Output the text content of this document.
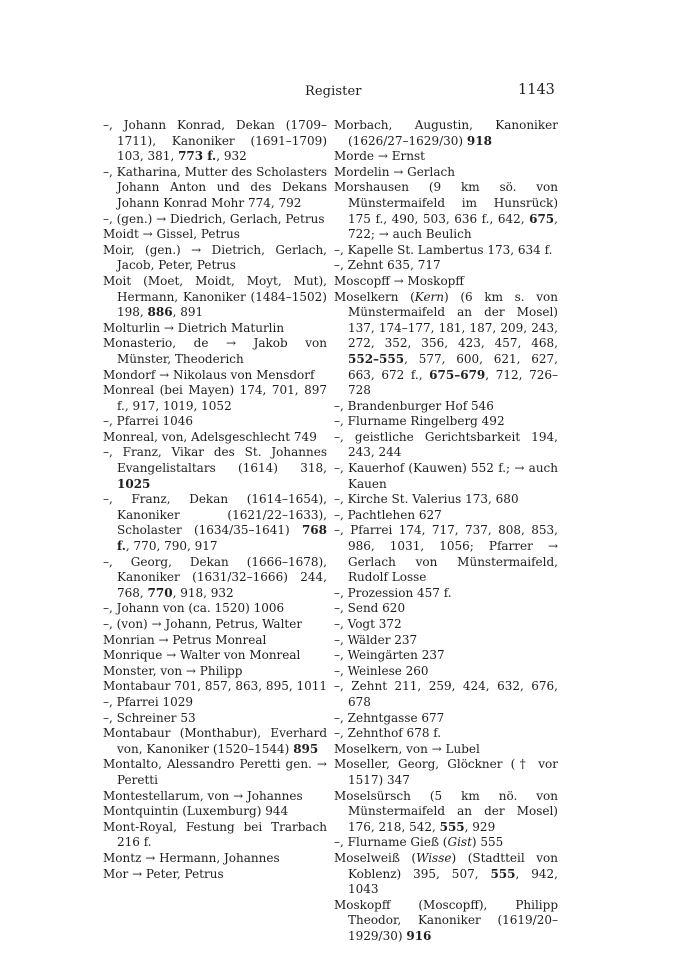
Register	1143

–, Johann Konrad, Dekan (1709–1711), Kanoniker (1691–1709) 103, 381, 773 f., 932

–, Katharina, Mutter des Scholasters Johann Anton und des Dekans Johann Konrad Mohr 774, 792

–, (gen.) → Diedrich, Gerlach, Petrus

Moidt → Gissel, Petrus

Moir, (gen.) → Dietrich, Gerlach, Jacob, Peter, Petrus

Moit (Moet, Moidt, Moyt, Mut), Hermann, Kanoniker (1484–1502) 198, 886, 891

Molturlin → Dietrich Maturlin

Monasterio, de → Jakob von Münster, Theoderich

Mondorf → Nikolaus von Mensdorf

Monreal (bei Mayen) 174, 701, 897 f., 917, 1019, 1052

–, Pfarrei 1046

Monreal, von, Adelsgeschlecht 749

–, Franz, Vikar des St. Johannes Evangelistaltars (1614) 318, 1025

–, Franz, Dekan (1614–1654), Kanoniker (1621/22–1633), Scholaster (1634/35–1641) 768 f., 770, 790, 917

–, Georg, Dekan (1666–1678), Kanoniker (1631/32–1666) 244, 768, 770, 918, 932

–, Johann von (ca. 1520) 1006

–, (von) → Johann, Petrus, Walter

Monrian → Petrus Monreal

Monrique → Walter von Monreal

Monster, von → Philipp

Montabaur 701, 857, 863, 895, 1011

–, Pfarrei 1029

–, Schreiner 53

Montabaur (Monthabur), Everhard von, Kanoniker (1520–1544) 895

Montalto, Alessandro Peretti gen. → Peretti

Montestellarum, von → Johannes

Montquintin (Luxemburg) 944

Mont-Royal, Festung bei Trarbach 216 f.

Montz → Hermann, Johannes

Mor → Peter, Petrus

Morbach, Augustin, Kanoniker (1626/27–1629/30) 918

Morde → Ernst

Mordelin → Gerlach

Morshausen (9 km sö. von Münstermaifeld im Hunsrück) 175 f., 490, 503, 636 f., 642, 675, 722; → auch Beulich

–, Kapelle St. Lambertus 173, 634 f.

–, Zehnt 635, 717

Moscopff → Moskopff

Moselkern (Kern) (6 km s. von Münstermaifeld an der Mosel) 137, 174–177, 181, 187, 209, 243, 272, 352, 356, 423, 457, 468, 552–555, 577, 600, 621, 627, 663, 672 f., 675–679, 712, 726–728

–, Brandenburger Hof 546

–, Flurname Ringelberg 492

–, geistliche Gerichtsbarkeit 194, 243, 244

–, Kauerhof (Kauwen) 552 f.; → auch Kauen

–, Kirche St. Valerius 173, 680

–, Pachtlehen 627

–, Pfarrei 174, 717, 737, 808, 853, 986, 1031, 1056; Pfarrer → Gerlach von Münstermaifeld, Rudolf Losse

–, Prozession 457 f.

–, Send 620

–, Vogt 372

–, Wälder 237

–, Weingärten 237

–, Weinlese 260

–, Zehnt 211, 259, 424, 632, 676, 678

–, Zehntgasse 677

–, Zehnthof 678 f.

Moselkern, von → Lubel

Moseller, Georg, Glöckner († vor 1517) 347

Moselsürsch (5 km nö. von Münstermaifeld an der Mosel) 176, 218, 542, 555, 929

–, Flurname Gieß (Gist) 555

Moselweiß (Wisse) (Stadtteil von Koblenz) 395, 507, 555, 942, 1043

Moskopff (Moscopff), Philipp Theodor, Kanoniker (1619/20–1929/30) 916
